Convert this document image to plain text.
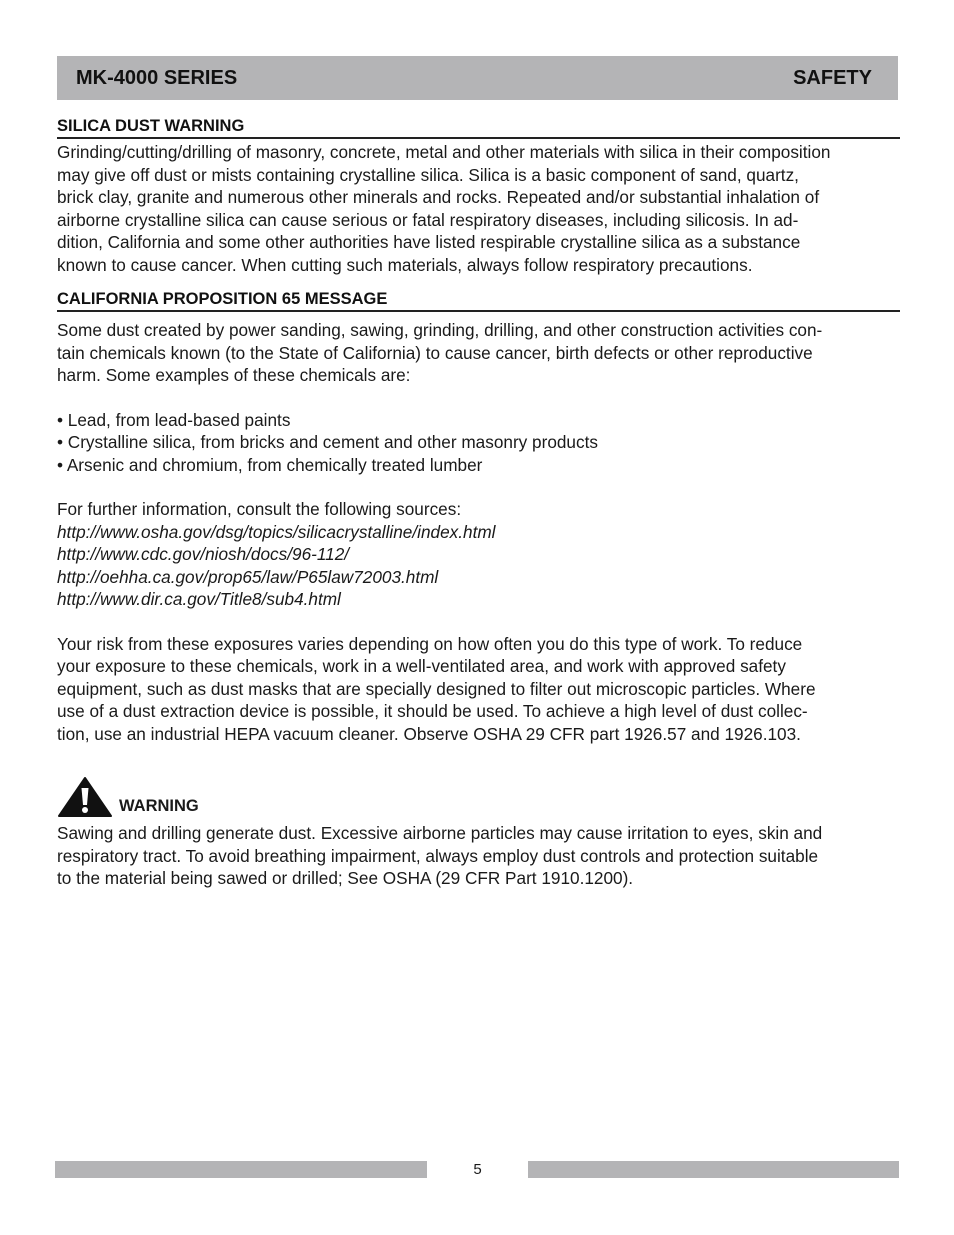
MK-4000 SERIES	SAFETY
SILICA DUST WARNING
Grinding/cutting/drilling of masonry, concrete, metal and other materials with silica in their composition
may give off dust or mists containing crystalline silica. Silica is a basic component of sand, quartz,
brick clay, granite and numerous other minerals and rocks. Repeated and/or substantial inhalation of
airborne crystalline silica can cause serious or fatal respiratory diseases, including silicosis. In ad-
dition, California and some other authorities have listed respirable crystalline silica as a substance
known to cause cancer. When cutting such materials, always follow respiratory precautions.
CALIFORNIA PROPOSITION 65 MESSAGE
Some dust created by power sanding, sawing, grinding, drilling, and other construction activities con-
tain chemicals known (to the State of California) to cause cancer, birth defects or other reproductive
harm. Some examples of these chemicals are:
• Lead, from lead-based paints
• Crystalline silica, from bricks and cement and other masonry products
• Arsenic and chromium, from chemically treated lumber
For further information, consult the following sources:
http://www.osha.gov/dsg/topics/silicacrystalline/index.html
http://www.cdc.gov/niosh/docs/96-112/
http://oehha.ca.gov/prop65/law/P65law72003.html
http://www.dir.ca.gov/Title8/sub4.html
Your risk from these exposures varies depending on how often you do this type of work. To reduce
your exposure to these chemicals, work in a well-ventilated area, and work with approved safety
equipment, such as dust masks that are specially designed to filter out microscopic particles. Where
use of a dust extraction device is possible, it should be used. To achieve a high level of dust collec-
tion, use an industrial HEPA vacuum cleaner. Observe OSHA 29 CFR part 1926.57 and 1926.103.
WARNING
Sawing and drilling generate dust. Excessive airborne particles may cause irritation to eyes, skin and
respiratory tract. To avoid breathing impairment, always employ dust controls and protection suitable
to the material being sawed or drilled; See OSHA (29 CFR Part 1910.1200).
5
